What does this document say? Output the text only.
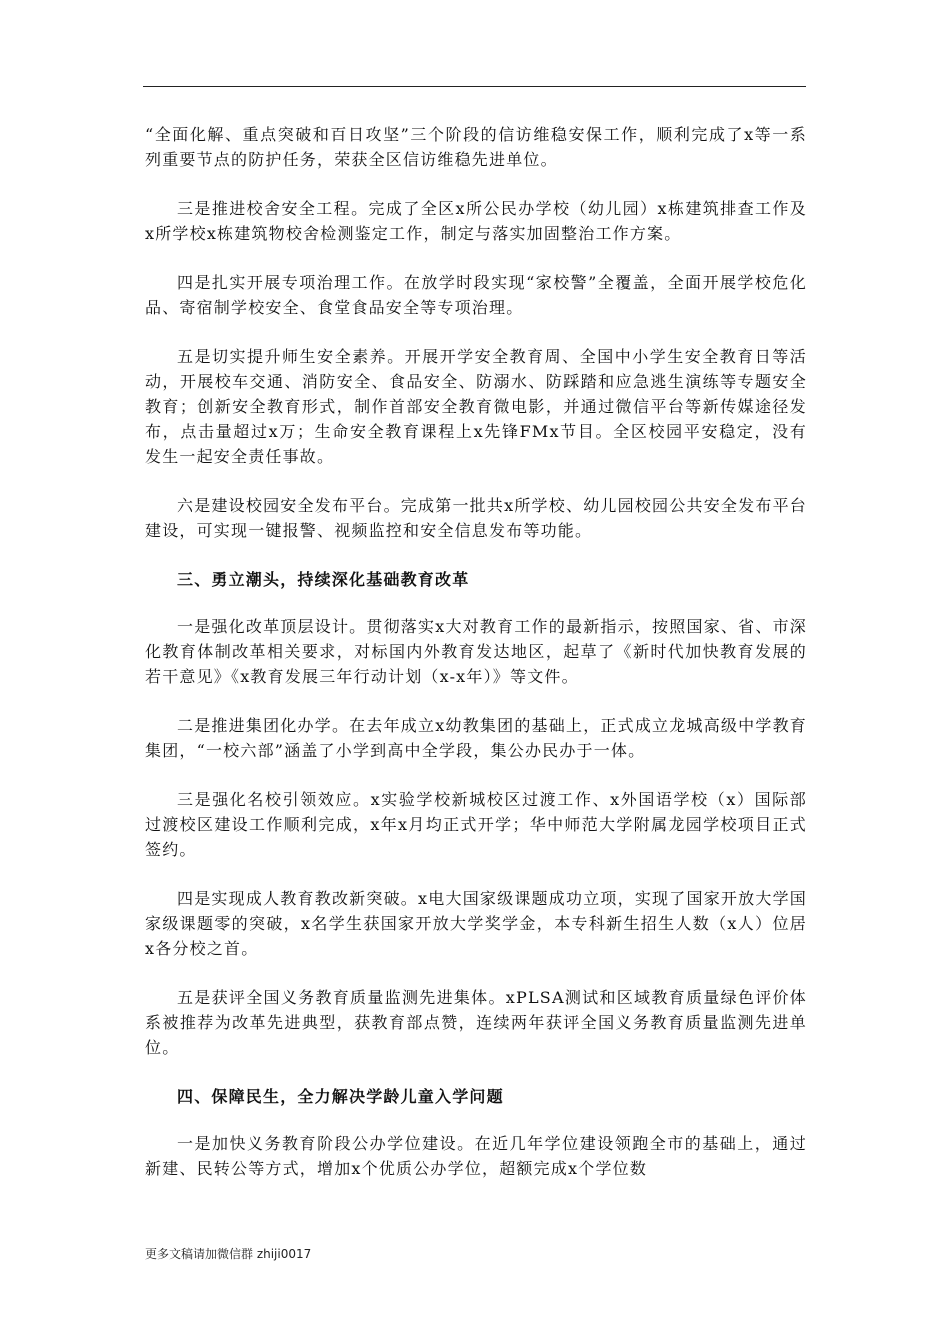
“全面化解、重点突破和百日攻坚”三个阶段的信访维稳安保工作，顺利完成了x等一系列重要节点的防护任务，荣获全区信访维稳先进单位。

三是推进校舍安全工程。完成了全区x所公民办学校（幼儿园）x栋建筑排查工作及x所学校x栋建筑物校舍检测鉴定工作，制定与落实加固整治工作方案。

四是扎实开展专项治理工作。在放学时段实现“家校警”全覆盖，全面开展学校危化品、寄宿制学校安全、食堂食品安全等专项治理。

五是切实提升师生安全素养。开展开学安全教育周、全国中小学生安全教育日等活动，开展校车交通、消防安全、食品安全、防溺水、防踩踏和应急逃生演练等专题安全教育；创新安全教育形式，制作首部安全教育微电影，并通过微信平台等新传媒途径发布，点击量超过x万；生命安全教育课程上x先锋FMx节目。全区校园平安稳定，没有发生一起安全责任事故。

六是建设校园安全发布平台。完成第一批共x所学校、幼儿园校园公共安全发布平台建设，可实现一键报警、视频监控和安全信息发布等功能。

三、勇立潮头，持续深化基础教育改革

一是强化改革顶层设计。贯彻落实x大对教育工作的最新指示，按照国家、省、市深化教育体制改革相关要求，对标国内外教育发达地区，起草了《新时代加快教育发展的若干意见》《x教育发展三年行动计划（x-x年）》等文件。

二是推进集团化办学。在去年成立x幼教集团的基础上，正式成立龙城高级中学教育集团，“一校六部”涵盖了小学到高中全学段，集公办民办于一体。

三是强化名校引领效应。x实验学校新城校区过渡工作、x外国语学校（x）国际部过渡校区建设工作顺利完成，x年x月均正式开学；华中师范大学附属龙园学校项目正式签约。

四是实现成人教育教改新突破。x电大国家级课题成功立项，实现了国家开放大学国家级课题零的突破，x名学生获国家开放大学奖学金，本专科新生招生人数（x人）位居x各分校之首。

五是获评全国义务教育质量监测先进集体。xPLSA测试和区域教育质量绿色评价体系被推荐为改革先进典型，获教育部点赞，连续两年获评全国义务教育质量监测先进单位。

四、保障民生，全力解决学龄儿童入学问题

一是加快义务教育阶段公办学位建设。在近几年学位建设领跑全市的基础上，通过新建、民转公等方式，增加x个优质公办学位，超额完成x个学位数

更多文稿请加微信群 zhiji0017
